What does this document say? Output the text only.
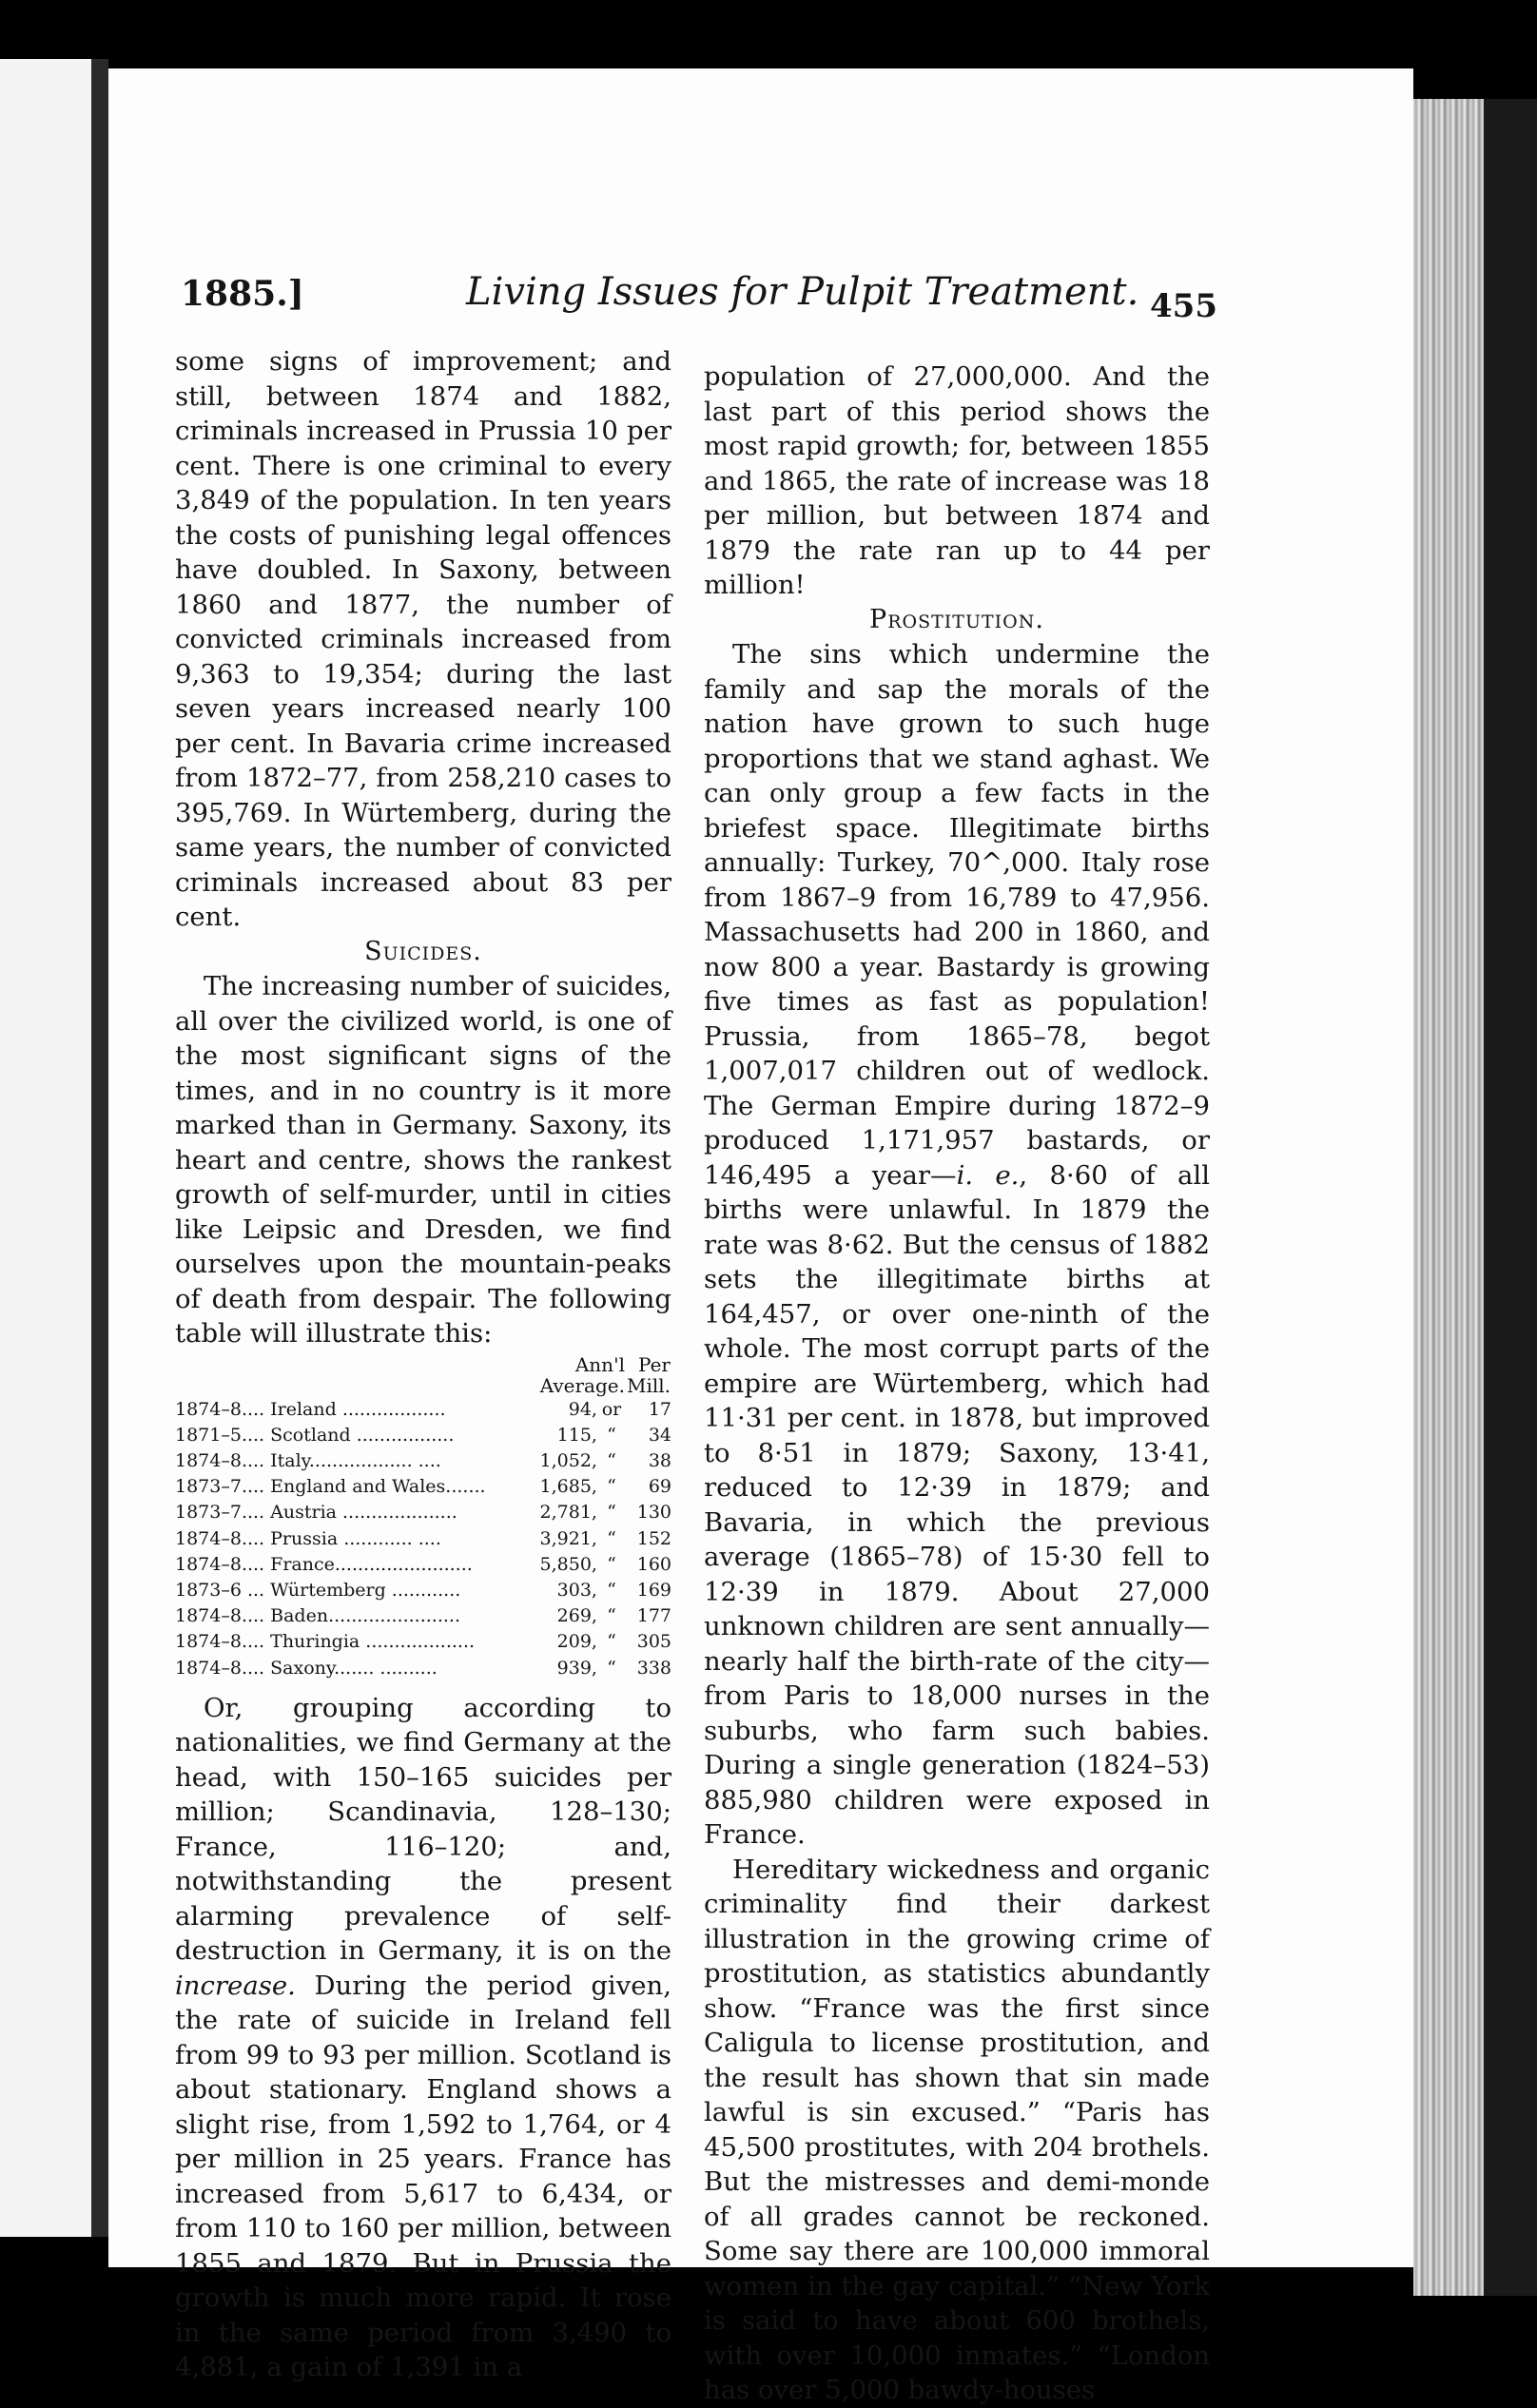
1885.]	Living Issues for Pulpit Treatment. 455

some signs of improvement; and still, between 1874 and 1882, criminals increased in Prussia 10 per cent. There is one criminal to every 3,849 of the population. In ten years the costs of punishing legal offences have doubled. In Saxony, between 1860 and 1877, the number of convicted criminals increased from 9,363 to 19,354; during the last seven years increased nearly 100 per cent. In Bavaria crime increased from 1872–77, from 258,210 cases to 395,769. In Würtemberg, during the same years, the number of convicted criminals increased about 83 per cent.

Suicides.

The increasing number of suicides, all over the civilized world, is one of the most significant signs of the times, and in no country is it more marked than in Germany. Saxony, its heart and centre, shows the rankest growth of self-murder, until in cities like Leipsic and Dresden, we find ourselves upon the mountain-peaks of death from despair. The following table will illustrate this:

	Ann'l Average.		Per Mill.
1874–8.... Ireland ..................	94,	or	17
1871–5.... Scotland .................	115,	“	34
1874–8.... Italy.................. ....	1,052,	“	38
1873–7.... England and Wales.......	1,685,	“	69
1873–7.... Austria ....................	2,781,	“	130
1874–8.... Prussia ............ ....	3,921,	“	152
1874–8.... France........................	5,850,	“	160
1873–6 ... Würtemberg ............	303,	“	169
1874–8.... Baden.......................	269,	“	177
1874–8.... Thuringia ...................	209,	“	305
1874–8.... Saxony....... ..........	939,	“	338

Or, grouping according to nationalities, we find Germany at the head, with 150–165 suicides per million; Scandinavia, 128–130; France, 116–120; and, notwithstanding the present alarming prevalence of self-destruction in Germany, it is on the increase. During the period given, the rate of suicide in Ireland fell from 99 to 93 per million. Scotland is about stationary. England shows a slight rise, from 1,592 to 1,764, or 4 per million in 25 years. France has increased from 5,617 to 6,434, or from 110 to 160 per million, between 1855 and 1879. But in Prussia the growth is much more rapid. It rose in the same period from 3,490 to 4,881, a gain of 1,391 in a

population of 27,000,000. And the last part of this period shows the most rapid growth; for, between 1855 and 1865, the rate of increase was 18 per million, but between 1874 and 1879 the rate ran up to 44 per million!

Prostitution.

The sins which undermine the family and sap the morals of the nation have grown to such huge proportions that we stand aghast. We can only group a few facts in the briefest space. Illegitimate births annually: Turkey, 70^,000. Italy rose from 1867–9 from 16,789 to 47,956. Massachusetts had 200 in 1860, and now 800 a year. Bastardy is growing five times as fast as population! Prussia, from 1865–78, begot 1,007,017 children out of wedlock. The German Empire during 1872–9 produced 1,171,957 bastards, or 146,495 a year—i. e., 8·60 of all births were unlawful. In 1879 the rate was 8·62. But the census of 1882 sets the illegitimate births at 164,457, or over one-ninth of the whole. The most corrupt parts of the empire are Würtemberg, which had 11·31 per cent. in 1878, but improved to 8·51 in 1879; Saxony, 13·41, reduced to 12·39 in 1879; and Bavaria, in which the previous average (1865–78) of 15·30 fell to 12·39 in 1879. About 27,000 unknown children are sent annually—nearly half the birth-rate of the city—from Paris to 18,000 nurses in the suburbs, who farm such babies. During a single generation (1824–53) 885,980 children were exposed in France.

Hereditary wickedness and organic criminality find their darkest illustration in the growing crime of prostitution, as statistics abundantly show. “France was the first since Caligula to license prostitution, and the result has shown that sin made lawful is sin excused.” “Paris has 45,500 prostitutes, with 204 brothels. But the mistresses and demi-monde of all grades cannot be reckoned. Some say there are 100,000 immoral women in the gay capital.” “New York is said to have about 600 brothels, with over 10,000 inmates.” “London has over 5,000 bawdy-houses
